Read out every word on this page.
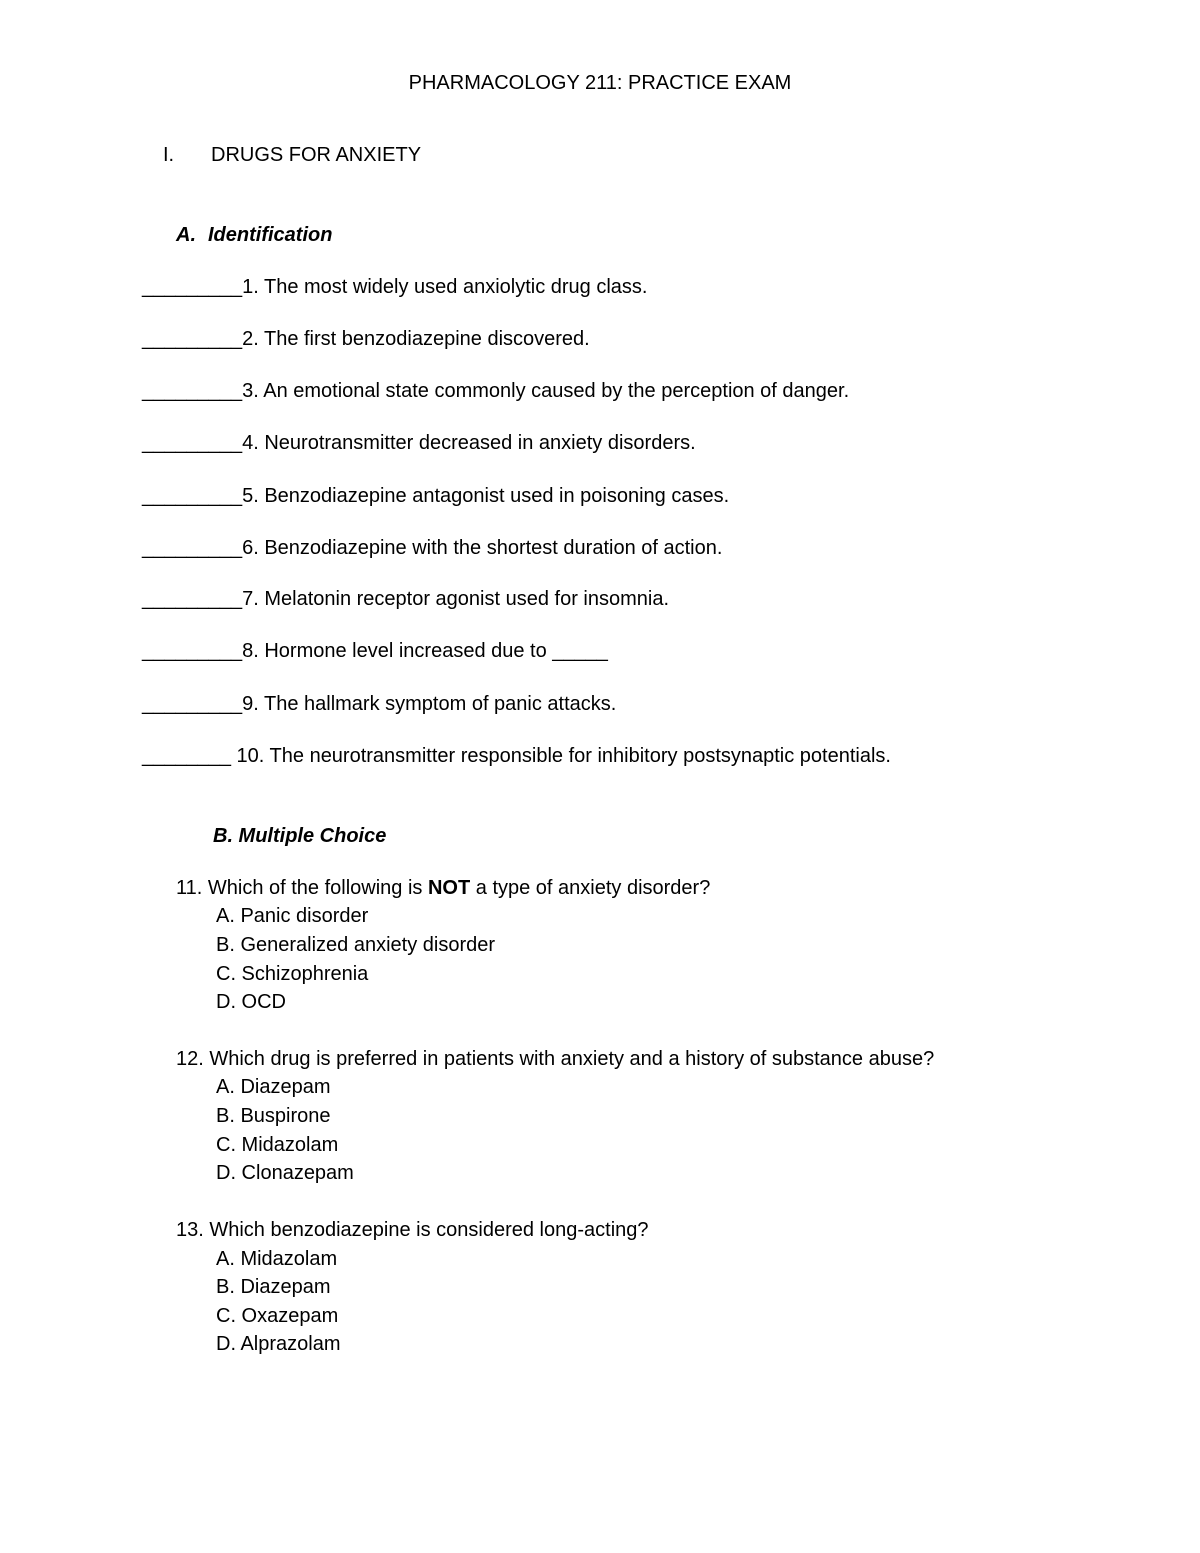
PHARMACOLOGY 211: PRACTICE EXAM
I. DRUGS FOR ANXIETY
A. Identification
_________1. The most widely used anxiolytic drug class.
_________2. The first benzodiazepine discovered.
_________3. An emotional state commonly caused by the perception of danger.
_________4. Neurotransmitter decreased in anxiety disorders.
_________5. Benzodiazepine antagonist used in poisoning cases.
_________6. Benzodiazepine with the shortest duration of action.
_________7. Melatonin receptor agonist used for insomnia.
_________8. Hormone level increased due to _____
_________9. The hallmark symptom of panic attacks.
________ 10. The neurotransmitter responsible for inhibitory postsynaptic potentials.
B. Multiple Choice
11. Which of the following is NOT a type of anxiety disorder?
A. Panic disorder
B. Generalized anxiety disorder
C. Schizophrenia
D. OCD
12. Which drug is preferred in patients with anxiety and a history of substance abuse?
A. Diazepam
B. Buspirone
C. Midazolam
D. Clonazepam
13. Which benzodiazepine is considered long-acting?
A. Midazolam
B. Diazepam
C. Oxazepam
D. Alprazolam
